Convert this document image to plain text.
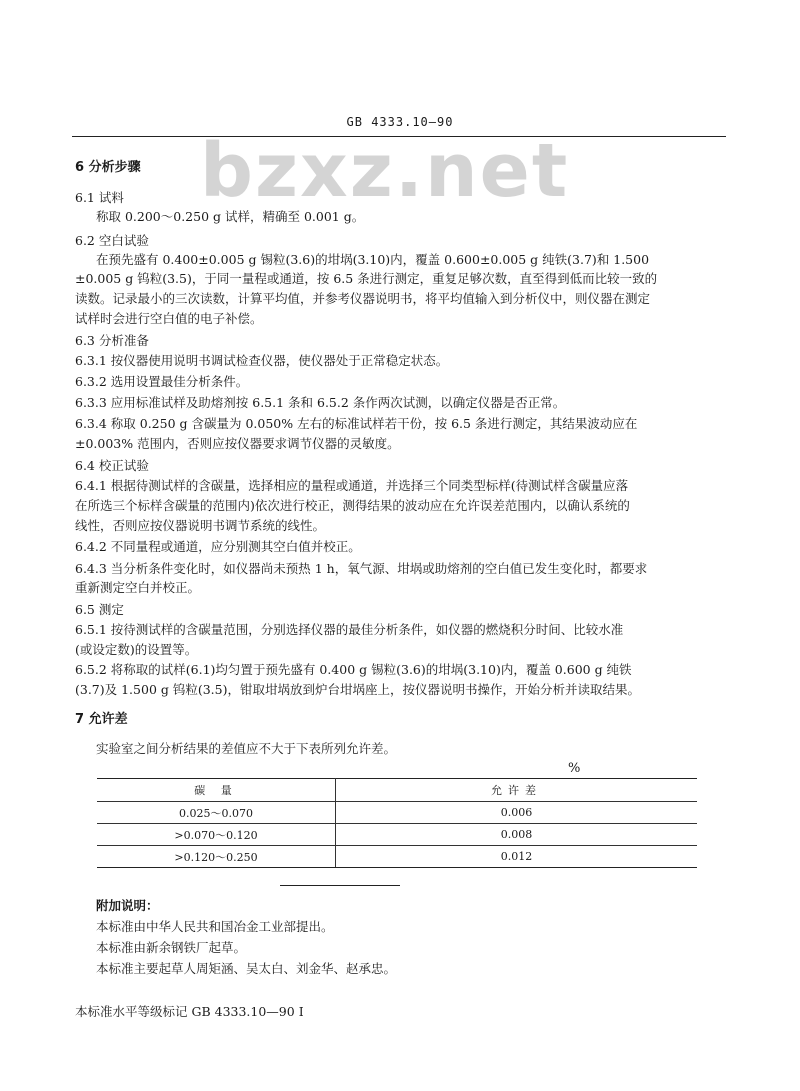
bzxz.net
GB 4333.10—90
6 分析步骤
6.1 试料
称取 0.200～0.250 g 试样，精确至 0.001 g。
6.2 空白试验
在预先盛有 0.400±0.005 g 锡粒(3.6)的坩埚(3.10)内，覆盖 0.600±0.005 g 纯铁(3.7)和 1.500
±0.005 g 钨粒(3.5)，于同一量程或通道，按 6.5 条进行测定，重复足够次数，直至得到低而比较一致的
读数。记录最小的三次读数，计算平均值，并参考仪器说明书，将平均值输入到分析仪中，则仪器在测定
试样时会进行空白值的电子补偿。
6.3 分析准备
6.3.1 按仪器使用说明书调试检查仪器，使仪器处于正常稳定状态。
6.3.2 选用设置最佳分析条件。
6.3.3 应用标准试样及助熔剂按 6.5.1 条和 6.5.2 条作两次试测，以确定仪器是否正常。
6.3.4 称取 0.250 g 含碳量为 0.050% 左右的标准试样若干份，按 6.5 条进行测定，其结果波动应在
±0.003% 范围内，否则应按仪器要求调节仪器的灵敏度。
6.4 校正试验
6.4.1 根据待测试样的含碳量，选择相应的量程或通道，并选择三个同类型标样(待测试样含碳量应落
在所选三个标样含碳量的范围内)依次进行校正，测得结果的波动应在允许误差范围内，以确认系统的
线性，否则应按仪器说明书调节系统的线性。
6.4.2 不同量程或通道，应分别测其空白值并校正。
6.4.3 当分析条件变化时，如仪器尚未预热 1 h，氧气源、坩埚或助熔剂的空白值已发生变化时，都要求
重新测定空白并校正。
6.5 测定
6.5.1 按待测试样的含碳量范围，分别选择仪器的最佳分析条件，如仪器的燃烧积分时间、比较水准
(或设定数)的设置等。
6.5.2 将称取的试样(6.1)均匀置于预先盛有 0.400 g 锡粒(3.6)的坩埚(3.10)内，覆盖 0.600 g 纯铁
(3.7)及 1.500 g 钨粒(3.5)，钳取坩埚放到炉台坩埚座上，按仪器说明书操作，开始分析并读取结果。
7 允许差
实验室之间分析结果的差值应不大于下表所列允许差。
%
碳 量	允许差
0.025～0.070	0.006
>0.070～0.120	0.008
>0.120～0.250	0.012
附加说明：
本标准由中华人民共和国冶金工业部提出。
本标准由新余钢铁厂起草。
本标准主要起草人周矩涵、吴太白、刘金华、赵承忠。
本标准水平等级标记 GB 4333.10—90 I
